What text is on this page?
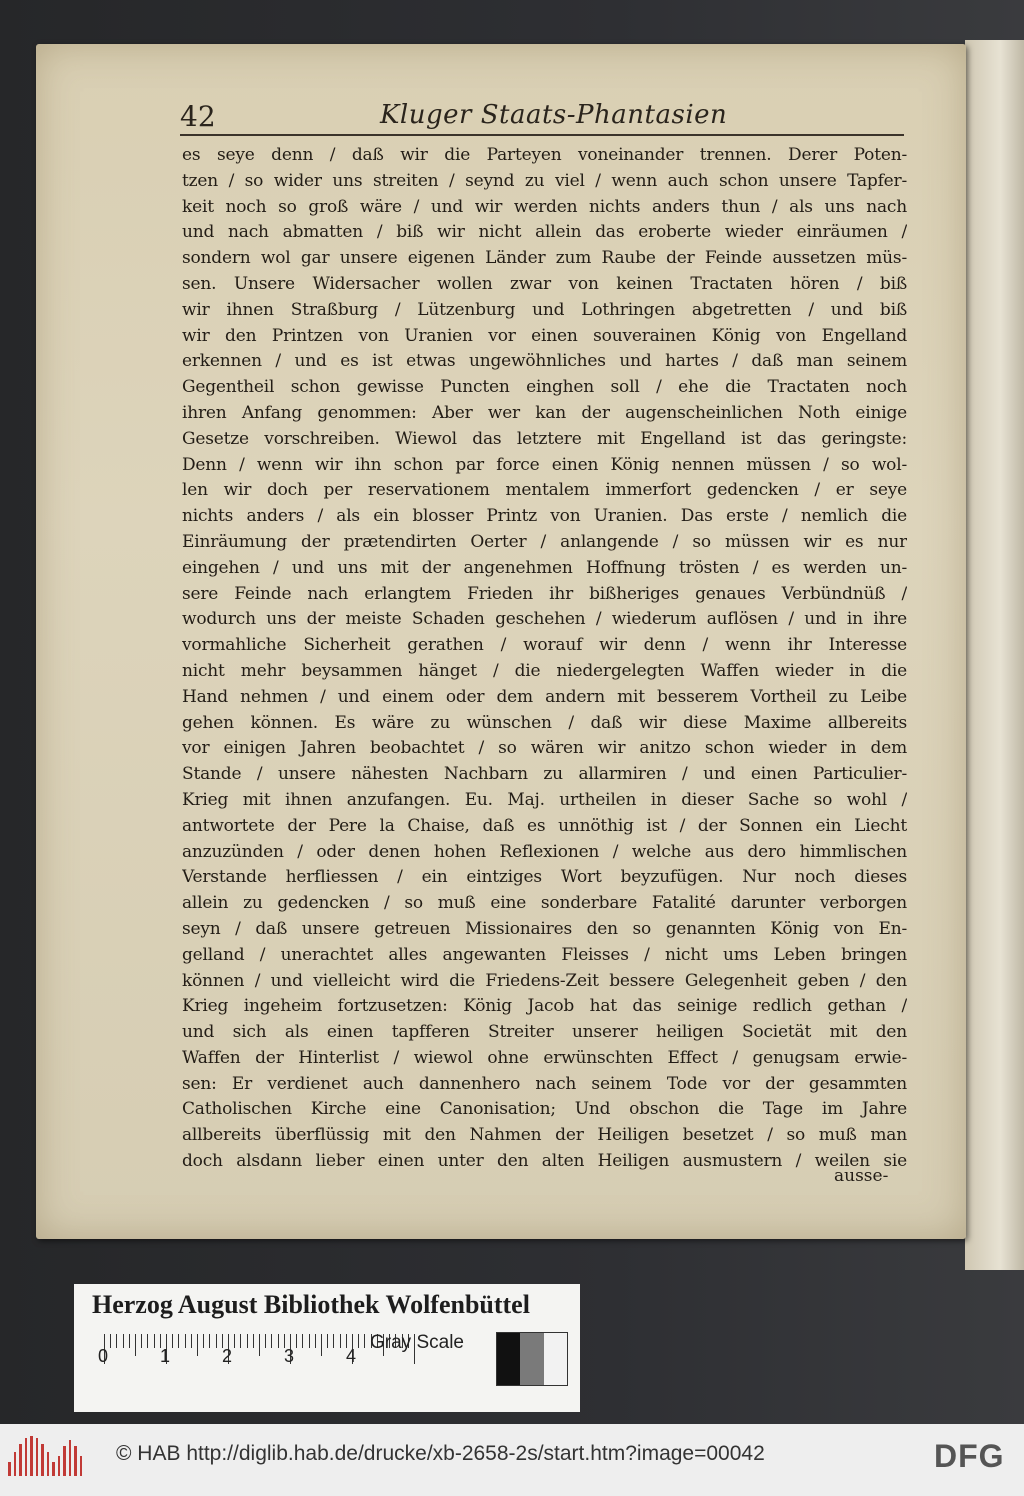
42	Kluger Staats-Phantasien
es seye denn / daß wir die Parteyen voneinander trennen. Derer Poten-
tzen / so wider uns streiten / seynd zu viel / wenn auch schon unsere Tapfer-
keit noch so groß wäre / und wir werden nichts anders thun / als uns nach
und nach abmatten / biß wir nicht allein das eroberte wieder einräumen /
sondern wol gar unsere eigenen Länder zum Raube der Feinde aussetzen müs-
sen. Unsere Widersacher wollen zwar von keinen Tractaten hören / biß
wir ihnen Straßburg / Lützenburg und Lothringen abgetretten / und biß
wir den Printzen von Uranien vor einen souverainen König von Engelland
erkennen / und es ist etwas ungewöhnliches und hartes / daß man seinem
Gegentheil schon gewisse Puncten einghen soll / ehe die Tractaten noch
ihren Anfang genommen: Aber wer kan der augenscheinlichen Noth einige
Gesetze vorschreiben. Wiewol das letztere mit Engelland ist das geringste:
Denn / wenn wir ihn schon par force einen König nennen müssen / so wol-
len wir doch per reservationem mentalem immerfort gedencken / er seye
nichts anders / als ein blosser Printz von Uranien. Das erste / nemlich die
Einräumung der prætendirten Oerter / anlangende / so müssen wir es nur
eingehen / und uns mit der angenehmen Hoffnung trösten / es werden un-
sere Feinde nach erlangtem Frieden ihr bißheriges genaues Verbündnüß /
wodurch uns der meiste Schaden geschehen / wiederum auflösen / und in ihre
vormahliche Sicherheit gerathen / worauf wir denn / wenn ihr Interesse
nicht mehr beysammen hänget / die niedergelegten Waffen wieder in die
Hand nehmen / und einem oder dem andern mit besserem Vortheil zu Leibe
gehen können. Es wäre zu wünschen / daß wir diese Maxime allbereits
vor einigen Jahren beobachtet / so wären wir anitzo schon wieder in dem
Stande / unsere nähesten Nachbarn zu allarmiren / und einen Particulier-
Krieg mit ihnen anzufangen. Eu. Maj. urtheilen in dieser Sache so wohl /
antwortete der Pere la Chaise, daß es unnöthig ist / der Sonnen ein Liecht
anzuzünden / oder denen hohen Reflexionen / welche aus dero himmlischen
Verstande herfliessen / ein eintziges Wort beyzufügen. Nur noch dieses
allein zu gedencken / so muß eine sonderbare Fatalité darunter verborgen
seyn / daß unsere getreuen Missionaires den so genannten König von En-
gelland / unerachtet alles angewanten Fleisses / nicht ums Leben bringen
können / und vielleicht wird die Friedens-Zeit bessere Gelegenheit geben / den
Krieg ingeheim fortzusetzen: König Jacob hat das seinige redlich gethan /
und sich als einen tapfferen Streiter unserer heiligen Societät mit den
Waffen der Hinterlist / wiewol ohne erwünschten Effect / genugsam erwie-
sen: Er verdienet auch dannenhero nach seinem Tode vor der gesammten
Catholischen Kirche eine Canonisation; Und obschon die Tage im Jahre
allbereits überflüssig mit den Nahmen der Heiligen besetzet / so muß man
doch alsdann lieber einen unter den alten Heiligen ausmustern / weilen sie
ausse-
Herzog August Bibliothek Wolfenbüttel
0	1	2	3	4
Gray Scale
© HAB http://diglib.hab.de/drucke/xb-2658-2s/start.htm?image=00042	DFG
